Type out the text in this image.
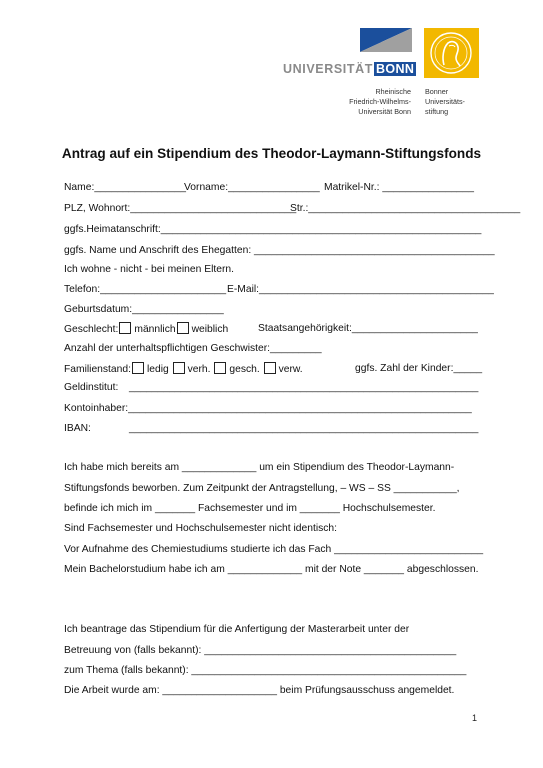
UNIVERSITÄT BONN
Rheinische
Friedrich-Wilhelms-
Universität Bonn
Bonner
Universitäts-
stiftung
Antrag auf ein Stipendium des Theodor-Laymann-Stiftungsfonds
Name:________________
Vorname:________________ Matrikel-Nr.: ________________
PLZ, Wohnort:_____________________________
Str.:_____________________________________
ggfs.Heimatanschrift:________________________________________________________
ggfs. Name und Anschrift des Ehegatten: __________________________________________
Ich wohne - nicht - bei meinen Eltern.
Telefon:______________________ E-Mail:_________________________________________
Geburtsdatum:________________
Geschlecht: männlich weiblich	Staatsangehörigkeit:______________________
Anzahl der unterhaltspflichtigen Geschwister:_________
Familienstand: ledig verh. gesch. verw.	ggfs. Zahl der Kinder:_____
Geldinstitut: _____________________________________________________________
Kontoinhaber:____________________________________________________________
IBAN:	_____________________________________________________________
Ich habe mich bereits am _____________ um ein Stipendium des Theodor-Laymann-
Stiftungsfonds beworben. Zum Zeitpunkt der Antragstellung, – WS – SS ___________,
befinde ich mich im _______ Fachsemester und im _______ Hochschulsemester.
Sind Fachsemester und Hochschulsemester nicht identisch:
Vor Aufnahme des Chemiestudiums studierte ich das Fach __________________________
Mein Bachelorstudium habe ich am _____________ mit der Note _______ abgeschlossen.
Ich beantrage das Stipendium für die Anfertigung der Masterarbeit unter der
Betreuung von (falls bekannt): ____________________________________________
zum Thema (falls bekannt): ________________________________________________
Die Arbeit wurde am: ____________________ beim Prüfungsausschuss angemeldet.
1
